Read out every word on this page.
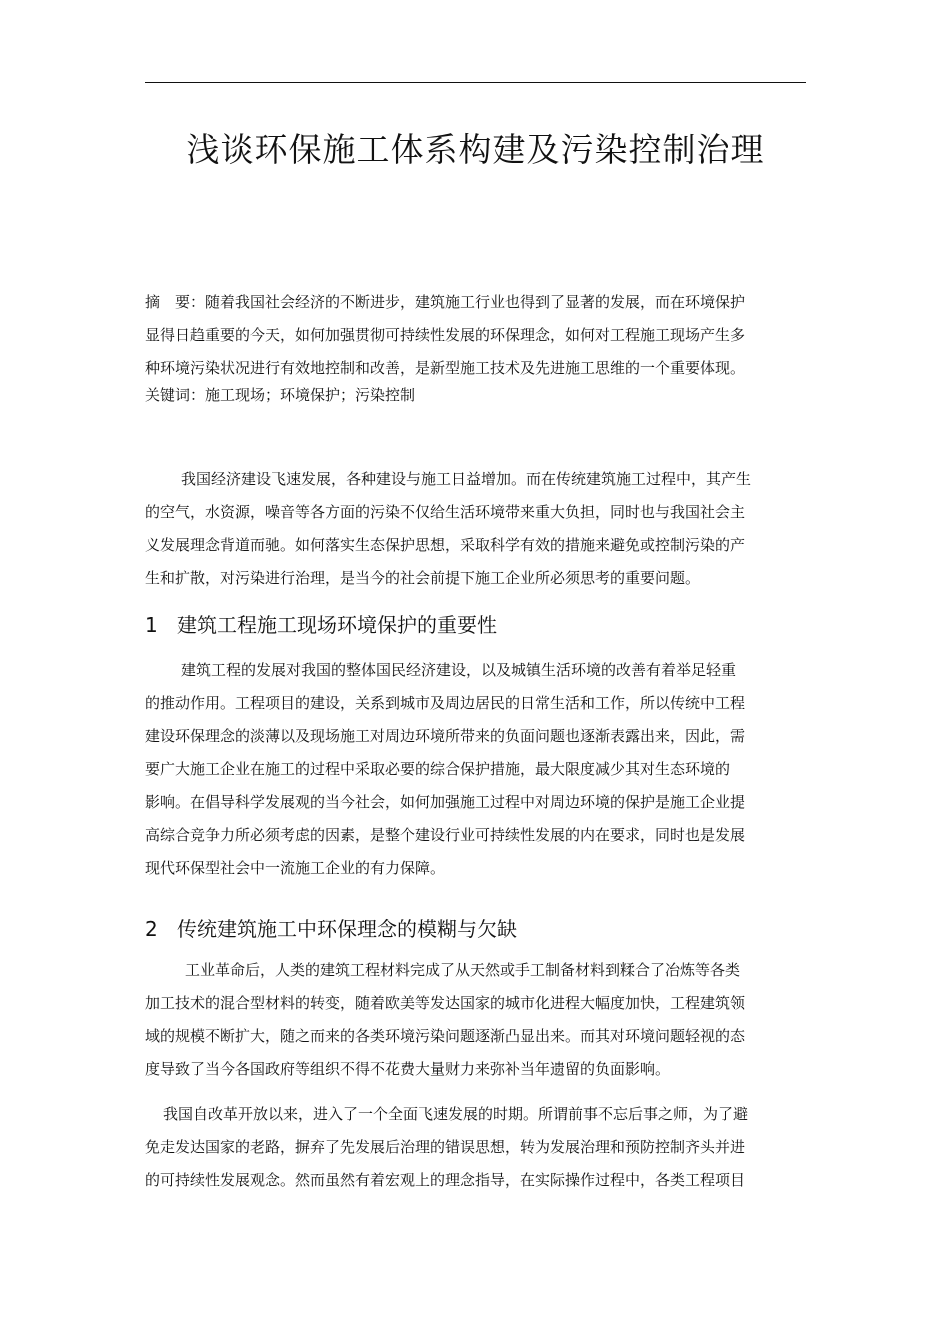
浅谈环保施工体系构建及污染控制治理
摘　要：随着我国社会经济的不断进步，建筑施工行业也得到了显著的发展，而在环境保护
显得日趋重要的今天，如何加强贯彻可持续性发展的环保理念，如何对工程施工现场产生多
种环境污染状况进行有效地控制和改善，是新型施工技术及先进施工思维的一个重要体现。
关键词：施工现场；环境保护；污染控制
我国经济建设飞速发展，各种建设与施工日益增加。而在传统建筑施工过程中，其产生
的空气，水资源，噪音等各方面的污染不仅给生活环境带来重大负担，同时也与我国社会主
义发展理念背道而驰。如何落实生态保护思想，采取科学有效的措施来避免或控制污染的产
生和扩散，对污染进行治理，是当今的社会前提下施工企业所必须思考的重要问题。
1 建筑工程施工现场环境保护的重要性
建筑工程的发展对我国的整体国民经济建设，以及城镇生活环境的改善有着举足轻重
的推动作用。工程项目的建设，关系到城市及周边居民的日常生活和工作，所以传统中工程
建设环保理念的淡薄以及现场施工对周边环境所带来的负面问题也逐渐表露出来，因此，需
要广大施工企业在施工的过程中采取必要的综合保护措施，最大限度减少其对生态环境的
影响。在倡导科学发展观的当今社会，如何加强施工过程中对周边环境的保护是施工企业提
高综合竞争力所必须考虑的因素，是整个建设行业可持续性发展的内在要求，同时也是发展
现代环保型社会中一流施工企业的有力保障。
2 传统建筑施工中环保理念的模糊与欠缺
工业革命后，人类的建筑工程材料完成了从天然或手工制备材料到糅合了冶炼等各类
加工技术的混合型材料的转变，随着欧美等发达国家的城市化进程大幅度加快，工程建筑领
域的规模不断扩大，随之而来的各类环境污染问题逐渐凸显出来。而其对环境问题轻视的态
度导致了当今各国政府等组织不得不花费大量财力来弥补当年遗留的负面影响。
我国自改革开放以来，进入了一个全面飞速发展的时期。所谓前事不忘后事之师，为了避
免走发达国家的老路，摒弃了先发展后治理的错误思想，转为发展治理和预防控制齐头并进
的可持续性发展观念。然而虽然有着宏观上的理念指导，在实际操作过程中，各类工程项目
